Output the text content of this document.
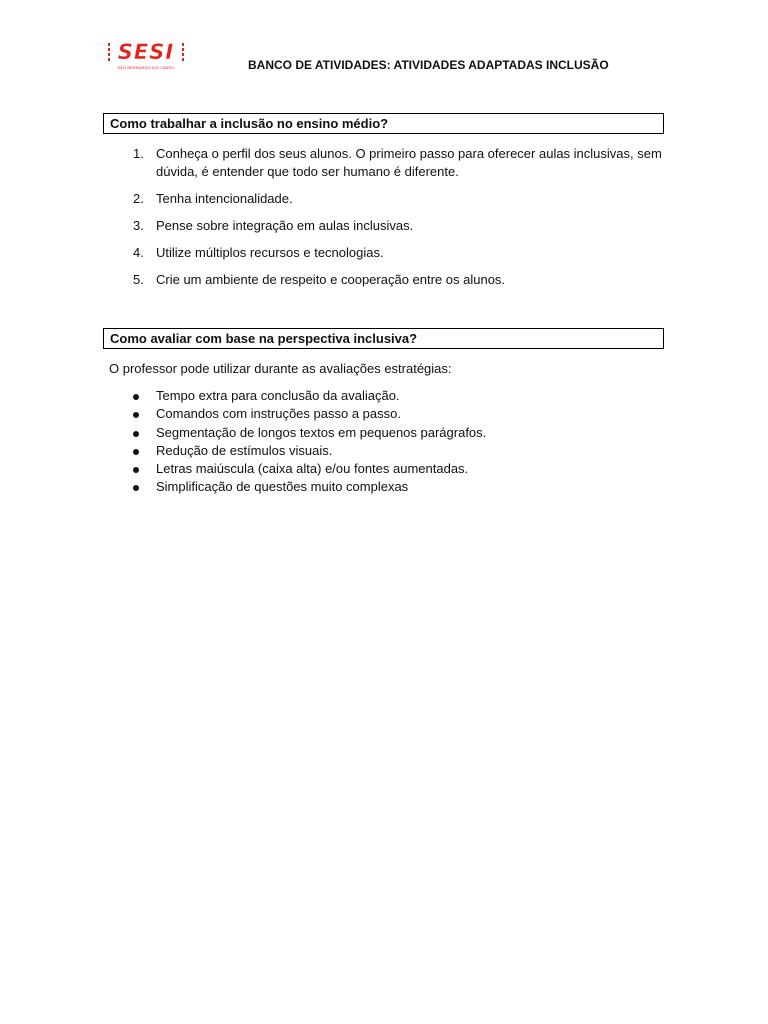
SESI
SÃO BERNARDO DO CAMPO	BANCO DE ATIVIDADES: ATIVIDADES ADAPTADAS INCLUSÃO
Como trabalhar a inclusão no ensino médio?
1. Conheça o perfil dos seus alunos. O primeiro passo para oferecer aulas inclusivas, sem dúvida, é entender que todo ser humano é diferente.
2. Tenha intencionalidade.
3. Pense sobre integração em aulas inclusivas.
4. Utilize múltiplos recursos e tecnologias.
5. Crie um ambiente de respeito e cooperação entre os alunos.
Como avaliar com base na perspectiva inclusiva?
O professor pode utilizar durante as avaliações estratégias:
Tempo extra para conclusão da avaliação.
Comandos com instruções passo a passo.
Segmentação de longos textos em pequenos parágrafos.
Redução de estímulos visuais.
Letras maiúscula (caixa alta) e/ou fontes aumentadas.
Simplificação de questões muito complexas
